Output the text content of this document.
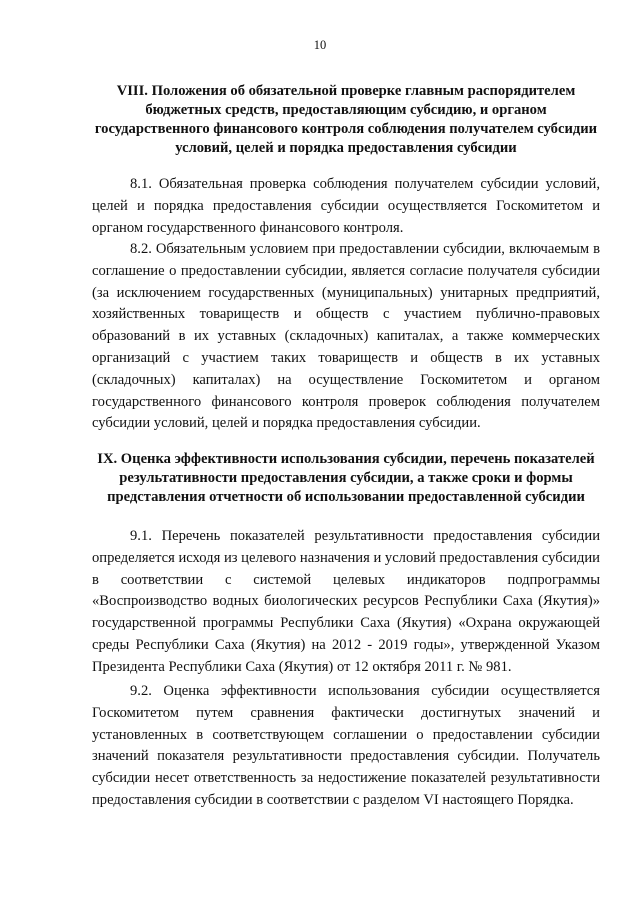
10
VIII. Положения об обязательной проверке главным распорядителем бюджетных средств, предоставляющим субсидию, и органом государственного финансового контроля соблюдения получателем субсидии условий, целей и порядка предоставления субсидии

8.1. Обязательная проверка соблюдения получателем субсидии условий, целей и порядка предоставления субсидии осуществляется Госкомитетом и органом государственного финансового контроля.

8.2. Обязательным условием при предоставлении субсидии, включаемым в соглашение о предоставлении субсидии, является согласие получателя субсидии (за исключением государственных (муниципальных) унитарных предприятий, хозяйственных товариществ и обществ с участием публично-правовых образований в их уставных (складочных) капиталах, а также коммерческих организаций с участием таких товариществ и обществ в их уставных (складочных) капиталах) на осуществление Госкомитетом и органом государственного финансового контроля проверок соблюдения получателем субсидии условий, целей и порядка предоставления субсидии.

IX. Оценка эффективности использования субсидии, перечень показателей результативности предоставления субсидии, а также сроки и формы представления отчетности об использовании предоставленной субсидии

9.1. Перечень показателей результативности предоставления субсидии определяется исходя из целевого назначения и условий предоставления субсидии в соответствии с системой целевых индикаторов подпрограммы «Воспроизводство водных биологических ресурсов Республики Саха (Якутия)» государственной программы Республики Саха (Якутия) «Охрана окружающей среды Республики Саха (Якутия) на 2012 - 2019 годы», утвержденной Указом Президента Республики Саха (Якутия) от 12 октября 2011 г. № 981.

9.2. Оценка эффективности использования субсидии осуществляется Госкомитетом путем сравнения фактически достигнутых значений и установленных в соответствующем соглашении о предоставлении субсидии значений показателя результативности предоставления субсидии. Получатель субсидии несет ответственность за недостижение показателей результативности предоставления субсидии в соответствии с разделом VI настоящего Порядка.
